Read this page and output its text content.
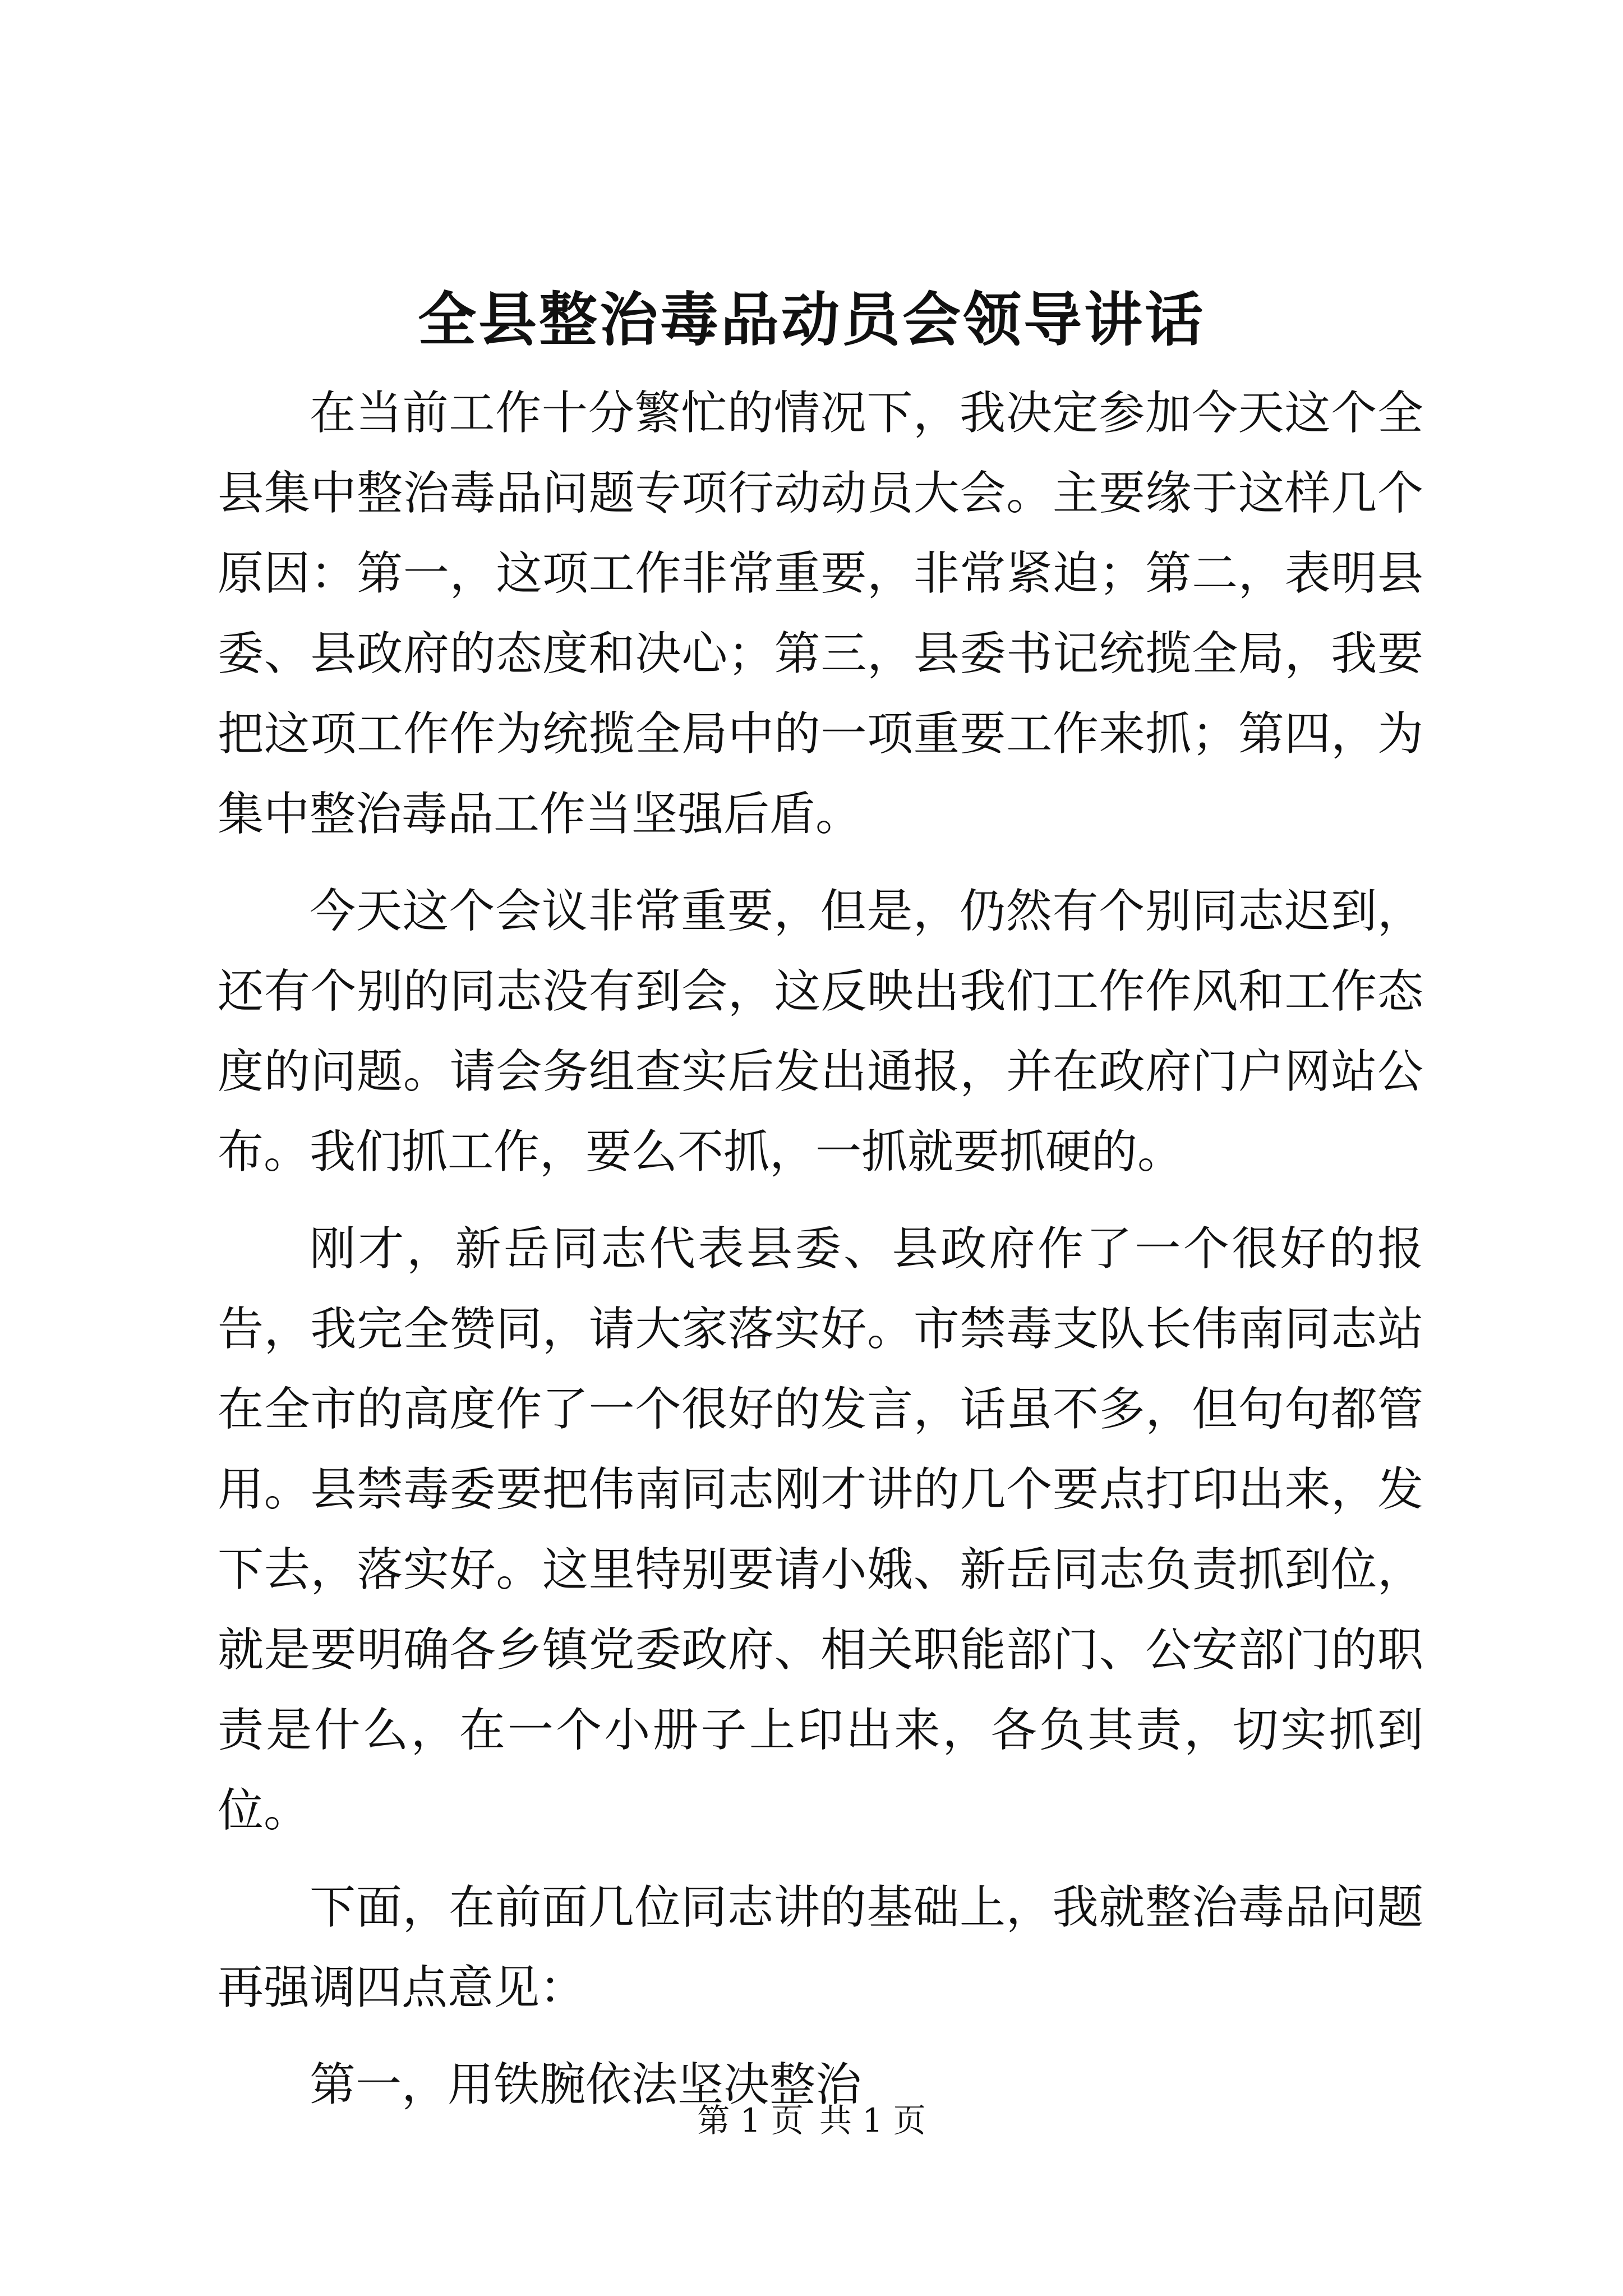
全县整治毒品动员会领导讲话

在当前工作十分繁忙的情况下，我决定参加今天这个全县集中整治毒品问题专项行动动员大会。主要缘于这样几个原因：第一，这项工作非常重要，非常紧迫；第二，表明县委、县政府的态度和决心；第三，县委书记统揽全局，我要把这项工作作为统揽全局中的一项重要工作来抓；第四，为集中整治毒品工作当坚强后盾。

今天这个会议非常重要，但是，仍然有个别同志迟到，还有个别的同志没有到会，这反映出我们工作作风和工作态度的问题。请会务组查实后发出通报，并在政府门户网站公布。我们抓工作，要么不抓，一抓就要抓硬的。

刚才，新岳同志代表县委、县政府作了一个很好的报告，我完全赞同，请大家落实好。市禁毒支队长伟南同志站在全市的高度作了一个很好的发言，话虽不多，但句句都管用。县禁毒委要把伟南同志刚才讲的几个要点打印出来，发下去，落实好。这里特别要请小娥、新岳同志负责抓到位，就是要明确各乡镇党委政府、相关职能部门、公安部门的职责是什么，在一个小册子上印出来，各负其责，切实抓到位。

下面，在前面几位同志讲的基础上，我就整治毒品问题再强调四点意见：

第一，用铁腕依法坚决整治

第 1 页 共 1 页
